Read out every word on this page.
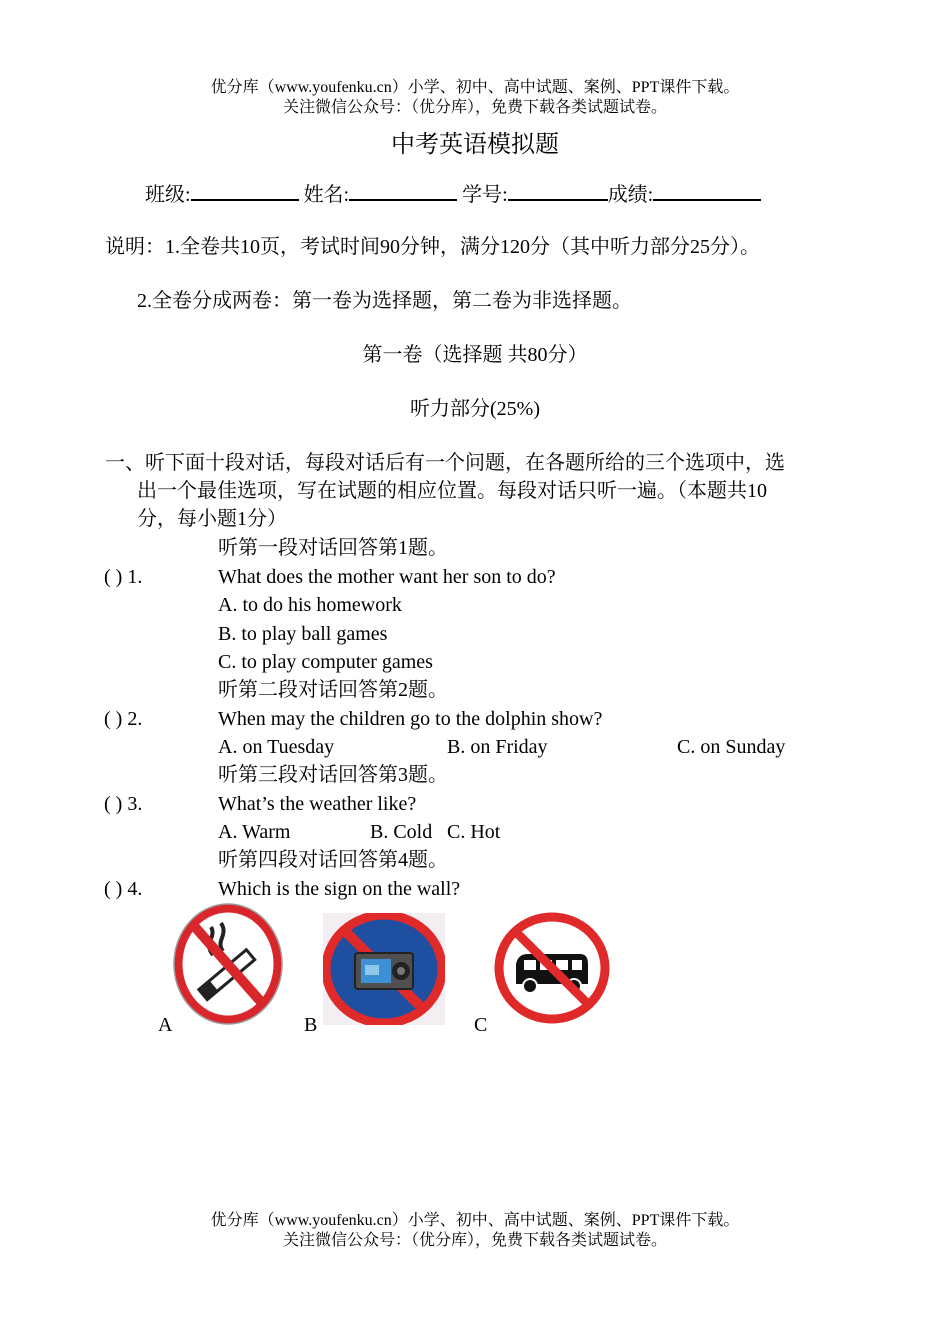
优分库（www.youfenku.cn）小学、初中、高中试题、案例、PPT课件下载。
关注微信公众号：（优分库），免费下载各类试题试卷。
中考英语模拟题
班级:	姓名:	学号:	成绩:
说明：1.全卷共10页，考试时间90分钟，满分120分（其中听力部分25分）。
2.全卷分成两卷：第一卷为选择题，第二卷为非选择题。
第一卷（选择题 共80分）
听力部分(25%)
一、听下面十段对话，每段对话后有一个问题，在各题所给的三个选项中，选
出一个最佳选项，写在试题的相应位置。每段对话只听一遍。（本题共10
分，每小题1分）
听第一段对话回答第1题。
( ) 1.	What does the mother want her son to do?
A. to do his homework
B. to play ball games
C. to play computer games
听第二段对话回答第2题。
( ) 2.	When may the children go to the dolphin show?
A. on Tuesday	B. on Friday	C. on Sunday
听第三段对话回答第3题。
( ) 3.	What’s the weather like?
A. Warm	B. Cold C. Hot
听第四段对话回答第4题。
( ) 4.	Which is the sign on the wall?
A	B	C
优分库（www.youfenku.cn）小学、初中、高中试题、案例、PPT课件下载。
关注微信公众号：（优分库），免费下载各类试题试卷。
